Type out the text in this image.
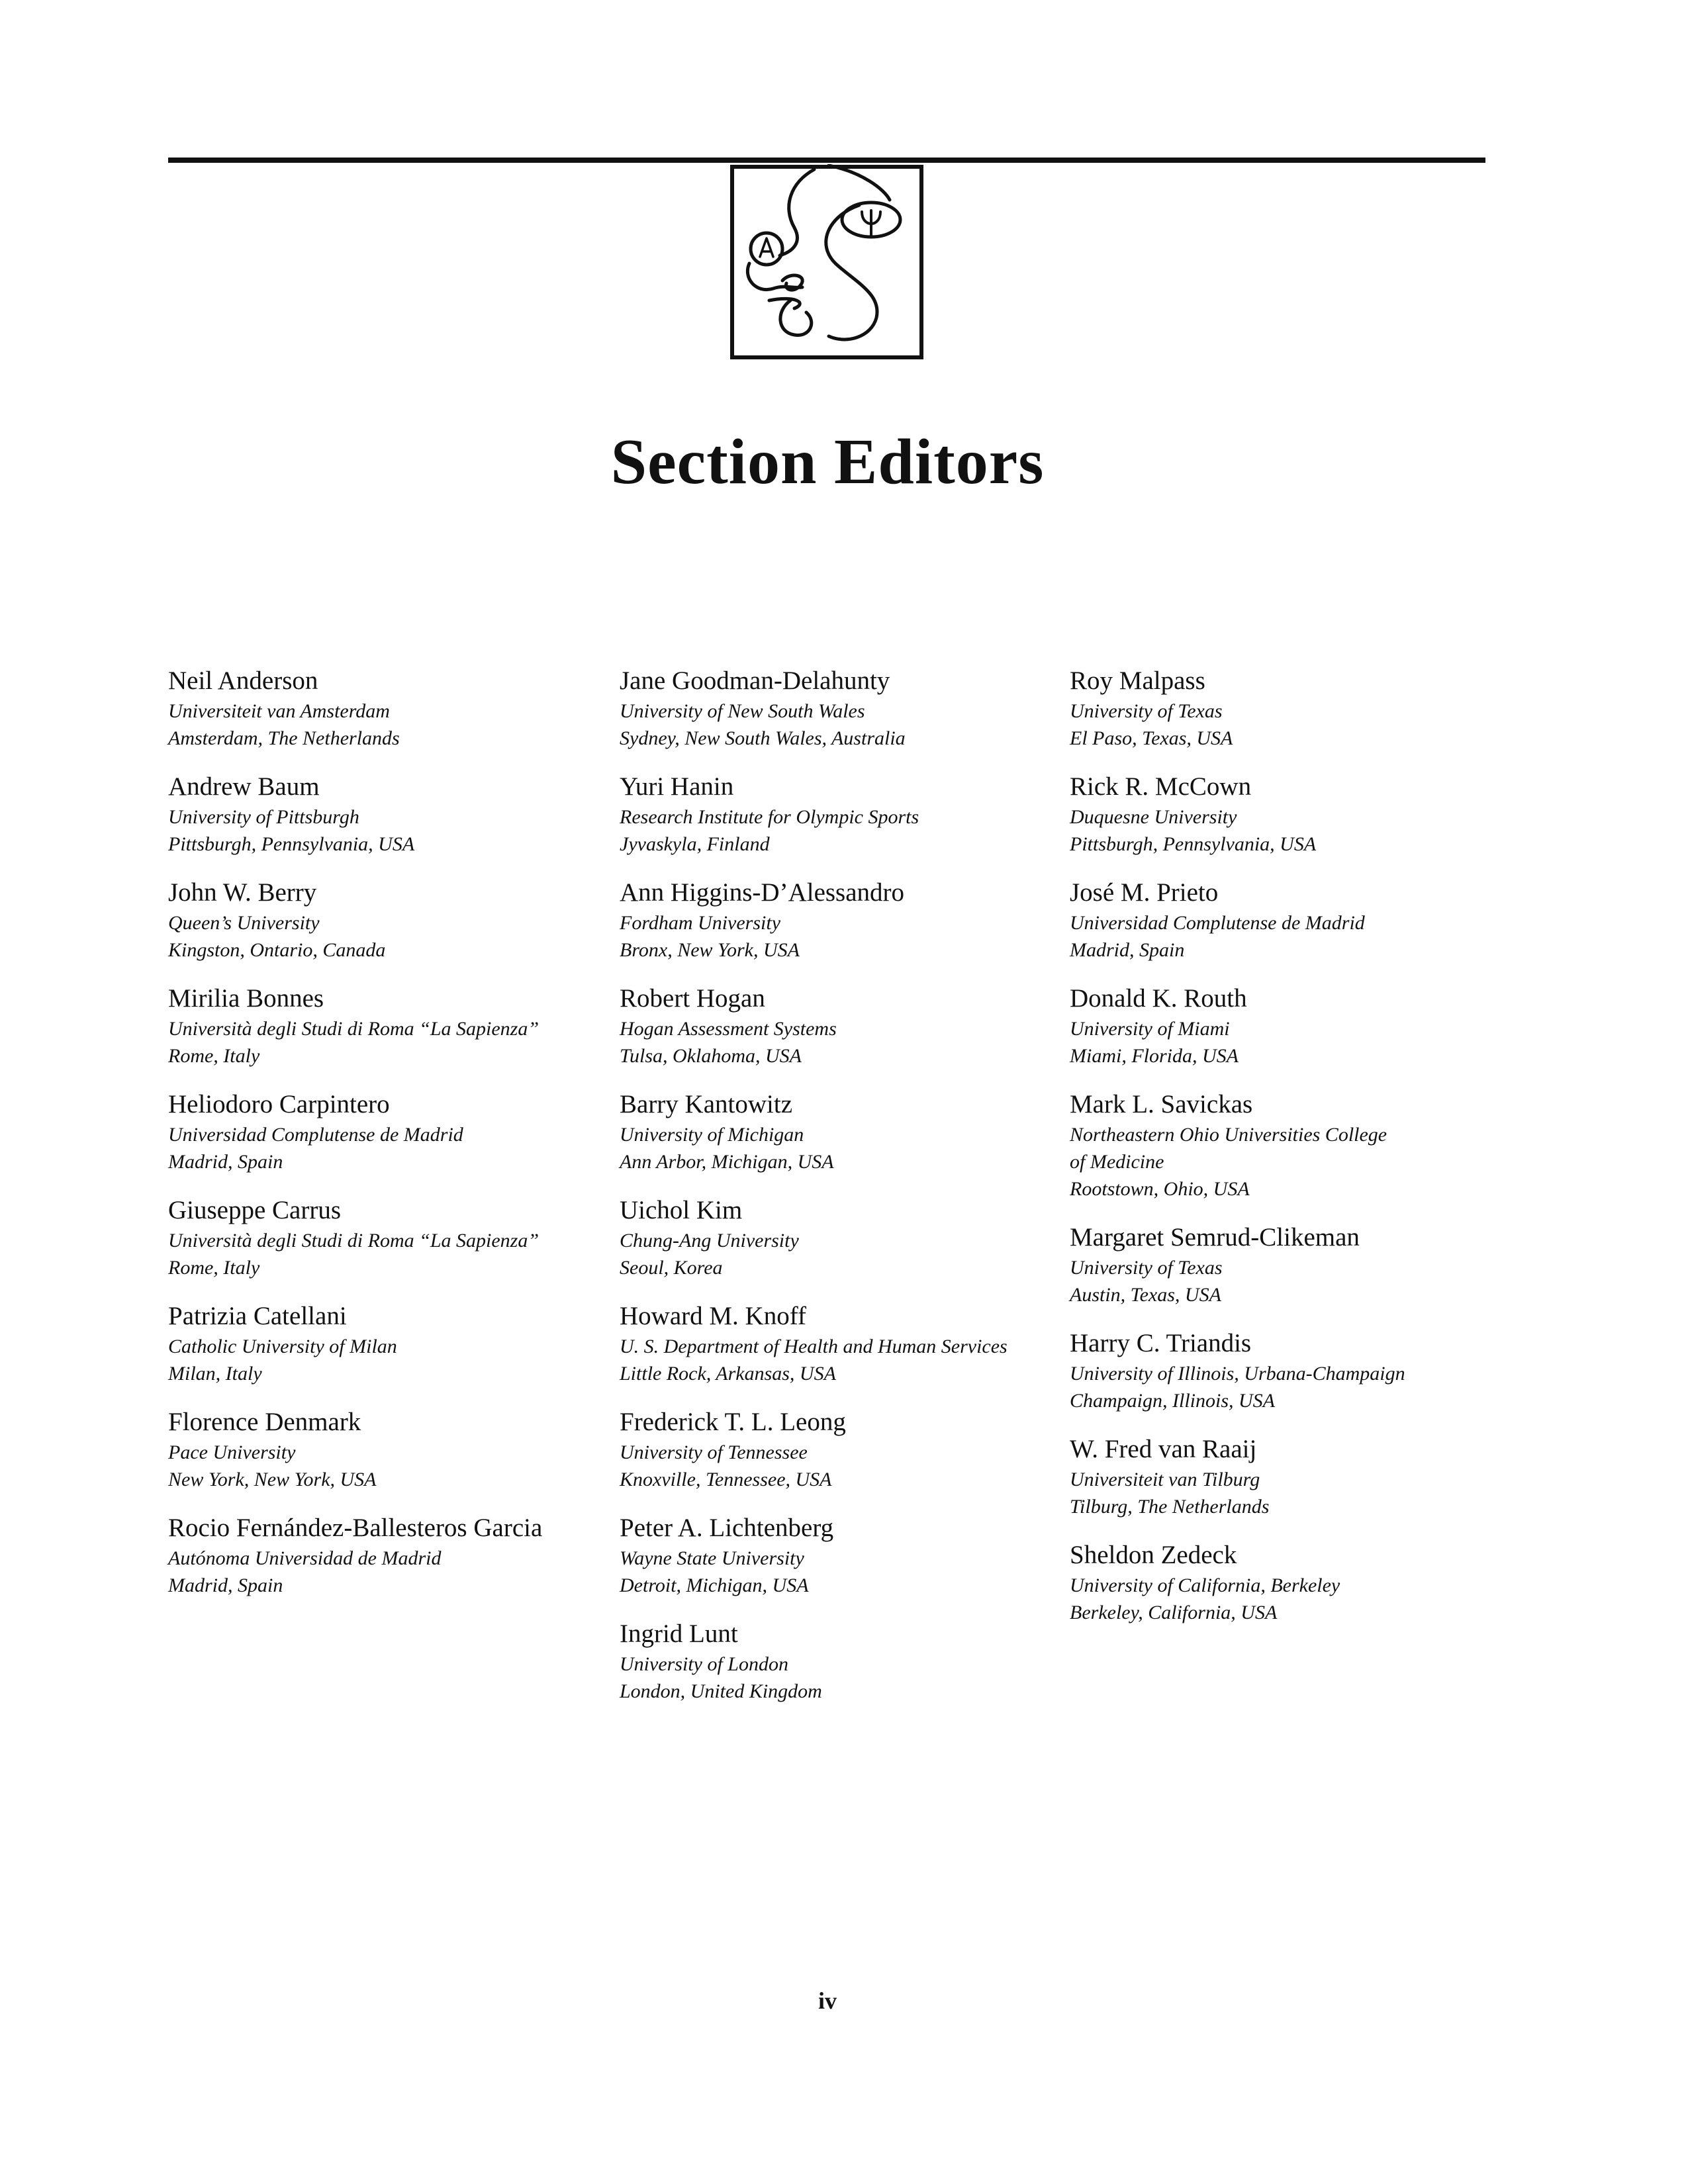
Section Editors
Neil Anderson
Universiteit van Amsterdam
Amsterdam, The Netherlands
Andrew Baum
University of Pittsburgh
Pittsburgh, Pennsylvania, USA
John W. Berry
Queen’s University
Kingston, Ontario, Canada
Mirilia Bonnes
Università degli Studi di Roma “La Sapienza”
Rome, Italy
Heliodoro Carpintero
Universidad Complutense de Madrid
Madrid, Spain
Giuseppe Carrus
Università degli Studi di Roma “La Sapienza”
Rome, Italy
Patrizia Catellani
Catholic University of Milan
Milan, Italy
Florence Denmark
Pace University
New York, New York, USA
Rocio Fernández-Ballesteros Garcia
Autónoma Universidad de Madrid
Madrid, Spain
Jane Goodman-Delahunty
University of New South Wales
Sydney, New South Wales, Australia
Yuri Hanin
Research Institute for Olympic Sports
Jyvaskyla, Finland
Ann Higgins-D’Alessandro
Fordham University
Bronx, New York, USA
Robert Hogan
Hogan Assessment Systems
Tulsa, Oklahoma, USA
Barry Kantowitz
University of Michigan
Ann Arbor, Michigan, USA
Uichol Kim
Chung-Ang University
Seoul, Korea
Howard M. Knoff
U. S. Department of Health and Human Services
Little Rock, Arkansas, USA
Frederick T. L. Leong
University of Tennessee
Knoxville, Tennessee, USA
Peter A. Lichtenberg
Wayne State University
Detroit, Michigan, USA
Ingrid Lunt
University of London
London, United Kingdom
Roy Malpass
University of Texas
El Paso, Texas, USA
Rick R. McCown
Duquesne University
Pittsburgh, Pennsylvania, USA
José M. Prieto
Universidad Complutense de Madrid
Madrid, Spain
Donald K. Routh
University of Miami
Miami, Florida, USA
Mark L. Savickas
Northeastern Ohio Universities College
of Medicine
Rootstown, Ohio, USA
Margaret Semrud-Clikeman
University of Texas
Austin, Texas, USA
Harry C. Triandis
University of Illinois, Urbana-Champaign
Champaign, Illinois, USA
W. Fred van Raaij
Universiteit van Tilburg
Tilburg, The Netherlands
Sheldon Zedeck
University of California, Berkeley
Berkeley, California, USA
iv
